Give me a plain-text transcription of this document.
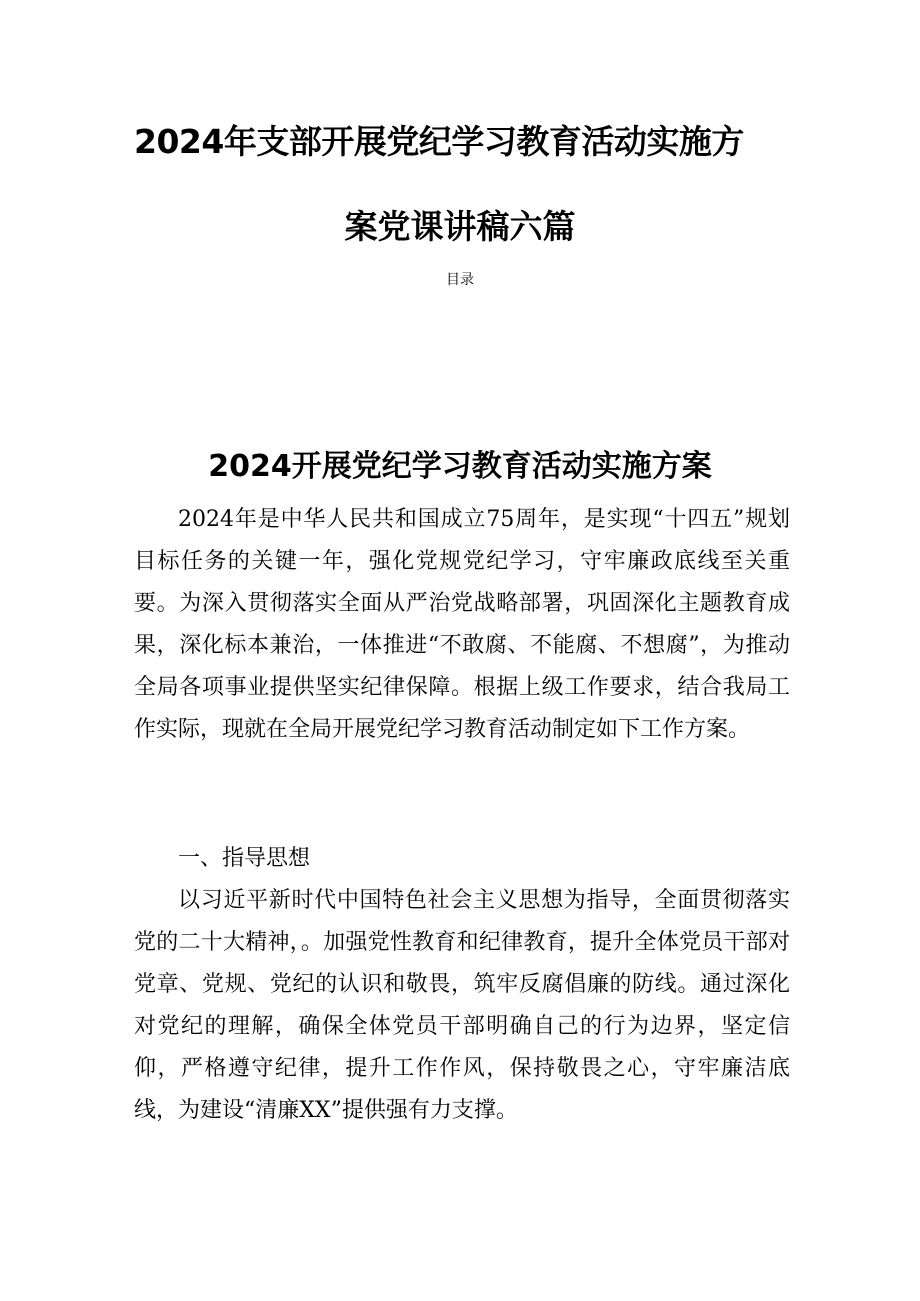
2024年支部开展党纪学习教育活动实施方
案党课讲稿六篇
目录
2024开展党纪学习教育活动实施方案
2024年是中华人民共和国成立75周年，是实现“十四五”规划目标任务的关键一年，强化党规党纪学习，守牢廉政底线至关重要。为深入贯彻落实全面从严治党战略部署，巩固深化主题教育成果，深化标本兼治，一体推进“不敢腐、不能腐、不想腐”，为推动全局各项事业提供坚实纪律保障。根据上级工作要求，结合我局工作实际，现就在全局开展党纪学习教育活动制定如下工作方案。
一、指导思想
以习近平新时代中国特色社会主义思想为指导，全面贯彻落实党的二十大精神，。加强党性教育和纪律教育，提升全体党员干部对党章、党规、党纪的认识和敬畏，筑牢反腐倡廉的防线。通过深化对党纪的理解，确保全体党员干部明确自己的行为边界，坚定信仰，严格遵守纪律，提升工作作风，保持敬畏之心，守牢廉洁底线，为建设“清廉XX”提供强有力支撑。
